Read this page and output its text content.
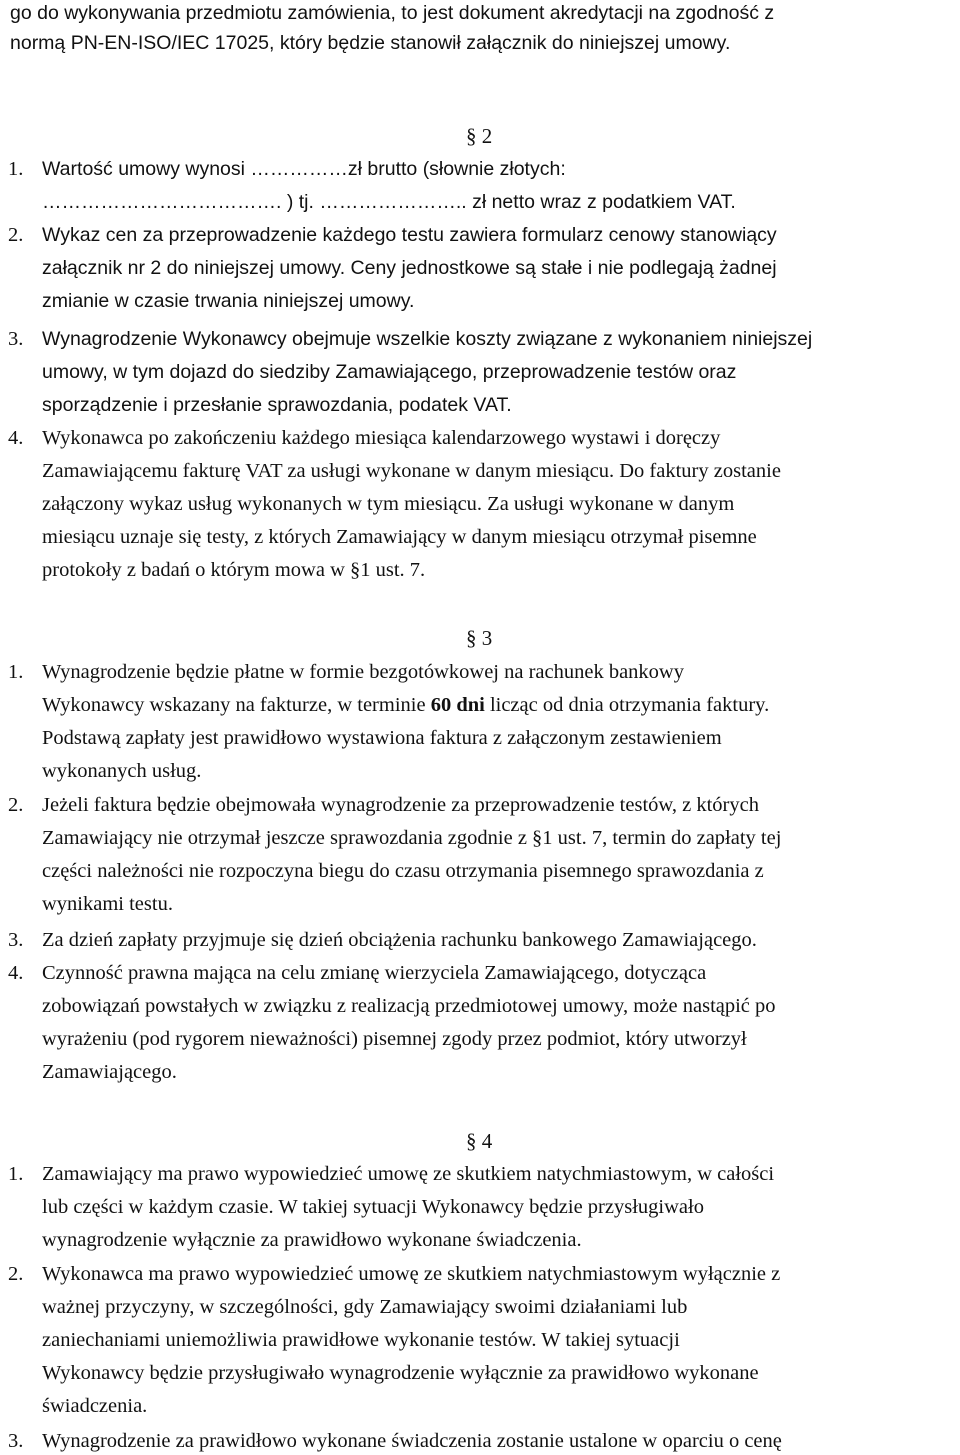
go do wykonywania przedmiotu zamówienia, to jest dokument akredytacji na zgodność z

normą PN-EN-ISO/IEC 17025, który będzie stanowił załącznik do niniejszej umowy.

§ 2
1. Wartość umowy wynosi ……………zł brutto (słownie złotych:

………………………………. ) tj. ………………….. zł netto wraz z podatkiem VAT.

2. Wykaz cen za przeprowadzenie każdego testu zawiera formularz cenowy stanowiący

załącznik nr 2 do niniejszej umowy. Ceny jednostkowe są stałe i nie podlegają żadnej

zmianie w czasie trwania niniejszej umowy.

3. Wynagrodzenie Wykonawcy obejmuje wszelkie koszty związane z wykonaniem niniejszej

umowy, w tym dojazd do siedziby Zamawiającego, przeprowadzenie testów oraz

sporządzenie i przesłanie sprawozdania, podatek VAT.

4. Wykonawca po zakończeniu każdego miesiąca kalendarzowego wystawi i doręczy

Zamawiającemu fakturę VAT za usługi wykonane w danym miesiącu. Do faktury zostanie

załączony wykaz usług wykonanych w tym miesiącu. Za usługi wykonane w danym

miesiącu uznaje się testy, z których Zamawiający w danym miesiącu otrzymał pisemne

protokoły z badań o którym mowa w §1 ust. 7.

§ 3
1. Wynagrodzenie będzie płatne w formie bezgotówkowej na rachunek bankowy

Wykonawcy wskazany na fakturze, w terminie 60 dni licząc od dnia otrzymania faktury.

Podstawą zapłaty jest prawidłowo wystawiona faktura z załączonym zestawieniem

wykonanych usług.

2. Jeżeli faktura będzie obejmowała wynagrodzenie za przeprowadzenie testów, z których

Zamawiający nie otrzymał jeszcze sprawozdania zgodnie z §1 ust. 7, termin do zapłaty tej

części należności nie rozpoczyna biegu do czasu otrzymania pisemnego sprawozdania z

wynikami testu.

3. Za dzień zapłaty przyjmuje się dzień obciążenia rachunku bankowego Zamawiającego.

4. Czynność prawna mająca na celu zmianę wierzyciela Zamawiającego, dotycząca

zobowiązań powstałych w związku z realizacją przedmiotowej umowy, może nastąpić po

wyrażeniu (pod rygorem nieważności) pisemnej zgody przez podmiot, który utworzył

Zamawiającego.

§ 4
1. Zamawiający ma prawo wypowiedzieć umowę ze skutkiem natychmiastowym, w całości

lub części w każdym czasie. W takiej sytuacji Wykonawcy będzie przysługiwało

wynagrodzenie wyłącznie za prawidłowo wykonane świadczenia.

2. Wykonawca ma prawo wypowiedzieć umowę ze skutkiem natychmiastowym wyłącznie z

ważnej przyczyny, w szczególności, gdy Zamawiający swoimi działaniami lub

zaniechaniami uniemożliwia prawidłowe wykonanie testów. W takiej sytuacji

Wykonawcy będzie przysługiwało wynagrodzenie wyłącznie za prawidłowo wykonane

świadczenia.

3. Wynagrodzenie za prawidłowo wykonane świadczenia zostanie ustalone w oparciu o cenę
